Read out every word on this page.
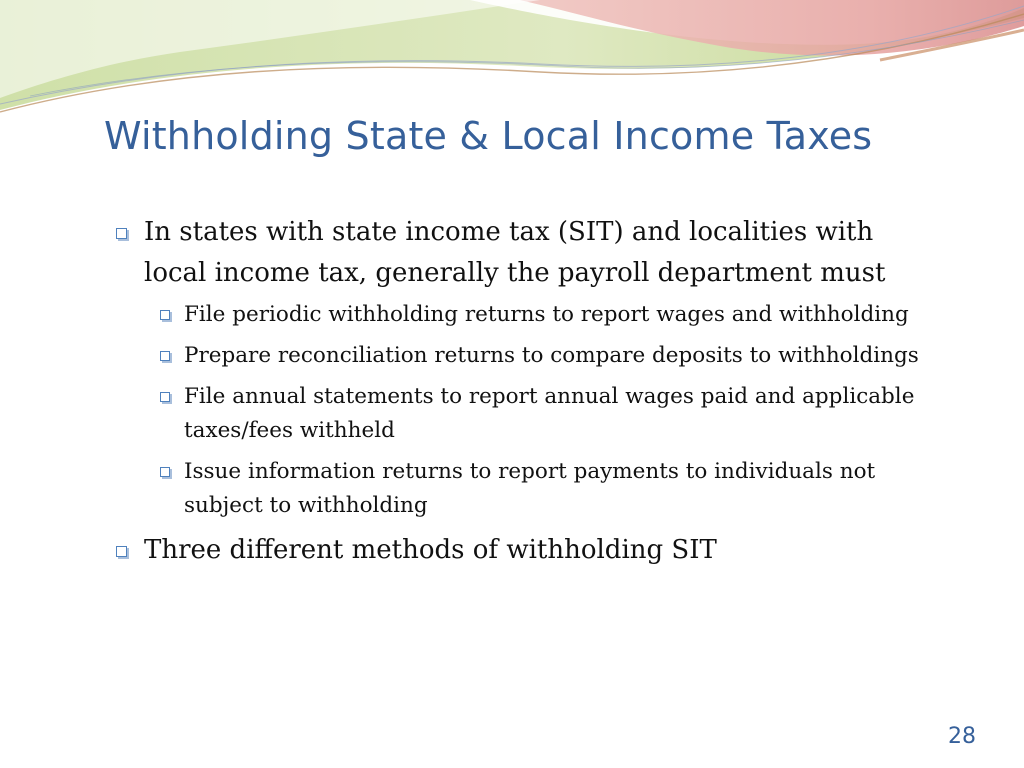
Withholding State & Local Income Taxes
In states with state income tax (SIT) and localities with local income tax, generally the payroll department must
File periodic withholding returns to report wages and withholding
Prepare reconciliation returns to compare deposits to withholdings
File annual statements to report annual wages paid and applicable taxes/fees withheld
Issue information returns to report payments to individuals not subject to withholding
Three different methods of withholding SIT
28
